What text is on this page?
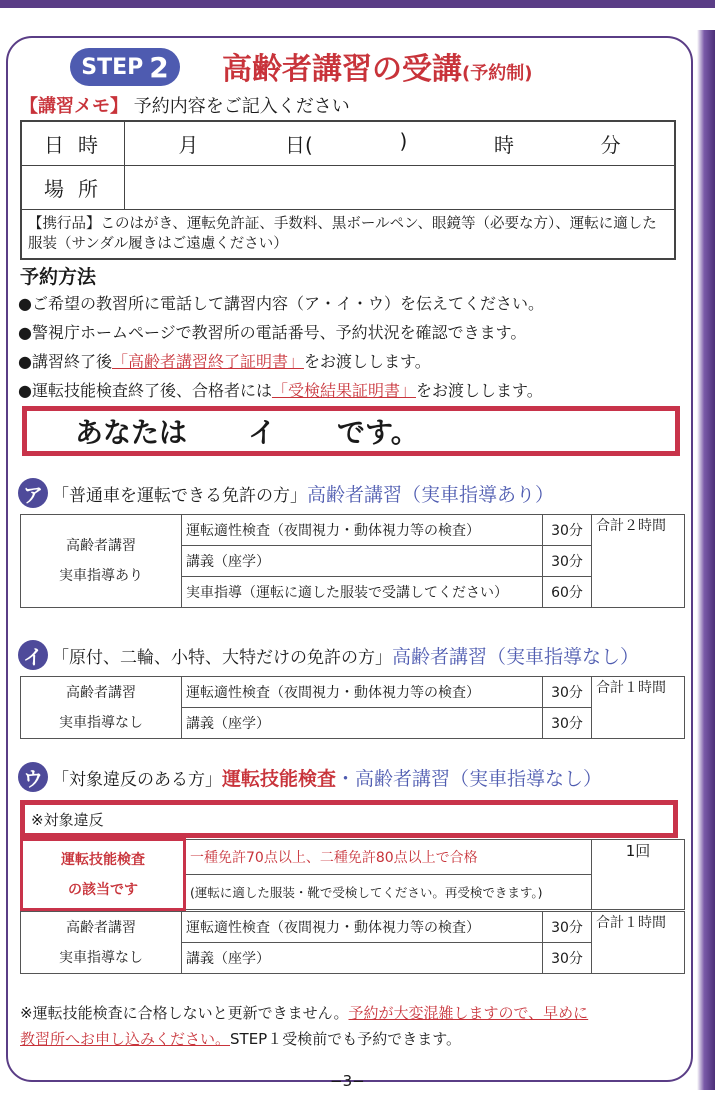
STEP 2 高齢者講習の受講(予約制)
【講習メモ】 予約内容をご記入ください
日時	月	日(	)	時	分
場所
【携行品】このはがき、運転免許証、手数料、黒ボールペン、眼鏡等（必要な方）、運転に適した服装（サンダル履きはご遠慮ください）
予約方法
●ご希望の教習所に電話して講習内容（ア・イ・ウ）を伝えてください。
●警視庁ホームページで教習所の電話番号、予約状況を確認できます。
●講習終了後「高齢者講習終了証明書」をお渡しします。
●運転技能検査終了後、合格者には「受検結果証明書」をお渡しします。
あなたは	イ	です。
ア 「普通車を運転できる免許の方」 高齢者講習（実車指導あり）
高齢者講習
実車指導あり	運転適性検査（夜間視力・動体視力等の検査）	30分	合計２時間
	講義（座学）	30分	
	実車指導（運転に適した服装で受講してください）	60分	
イ 「原付、二輪、小特、大特だけの免許の方」 高齢者講習（実車指導なし）
高齢者講習
実車指導なし	運転適性検査（夜間視力・動体視力等の検査）	30分	合計１時間
	講義（座学）	30分	
ウ 「対象違反のある方」 運転技能検査 ・高齢者講習（実車指導なし）
※対象違反
運転技能検査
の該当です	一種免許70点以上、二種免許80点以上で合格	1回
(運転に適した服装・靴で受検してください。再受検できます。)
高齢者講習
実車指導なし	運転適性検査（夜間視力・動体視力等の検査）	30分	合計１時間
	講義（座学）	30分	
※運転技能検査に合格しないと更新できません。予約が大変混雑しますので、早めに
教習所へお申し込みください。STEP１受検前でも予約できます。
−3−
